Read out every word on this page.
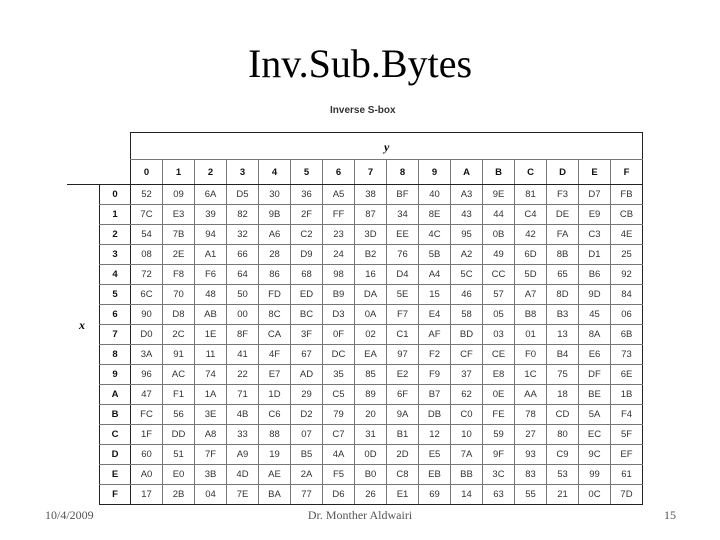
Inv.Sub.Bytes
Inverse S-box
y
x

	0	1	2	3	4	5	6	7	8	9	A	B	C	D	E	F
0	52	09	6A	D5	30	36	A5	38	BF	40	A3	9E	81	F3	D7	FB
1	7C	E3	39	82	9B	2F	FF	87	34	8E	43	44	C4	DE	E9	CB
2	54	7B	94	32	A6	C2	23	3D	EE	4C	95	0B	42	FA	C3	4E
3	08	2E	A1	66	28	D9	24	B2	76	5B	A2	49	6D	8B	D1	25
4	72	F8	F6	64	86	68	98	16	D4	A4	5C	CC	5D	65	B6	92
5	6C	70	48	50	FD	ED	B9	DA	5E	15	46	57	A7	8D	9D	84
6	90	D8	AB	00	8C	BC	D3	0A	F7	E4	58	05	B8	B3	45	06
7	D0	2C	1E	8F	CA	3F	0F	02	C1	AF	BD	03	01	13	8A	6B
8	3A	91	11	41	4F	67	DC	EA	97	F2	CF	CE	F0	B4	E6	73
9	96	AC	74	22	E7	AD	35	85	E2	F9	37	E8	1C	75	DF	6E
A	47	F1	1A	71	1D	29	C5	89	6F	B7	62	0E	AA	18	BE	1B
B	FC	56	3E	4B	C6	D2	79	20	9A	DB	C0	FE	78	CD	5A	F4
C	1F	DD	A8	33	88	07	C7	31	B1	12	10	59	27	80	EC	5F
D	60	51	7F	A9	19	B5	4A	0D	2D	E5	7A	9F	93	C9	9C	EF
E	A0	E0	3B	4D	AE	2A	F5	B0	C8	EB	BB	3C	83	53	99	61
F	17	2B	04	7E	BA	77	D6	26	E1	69	14	63	55	21	0C	7D
10/4/2009	Dr. Monther Aldwairi	15
